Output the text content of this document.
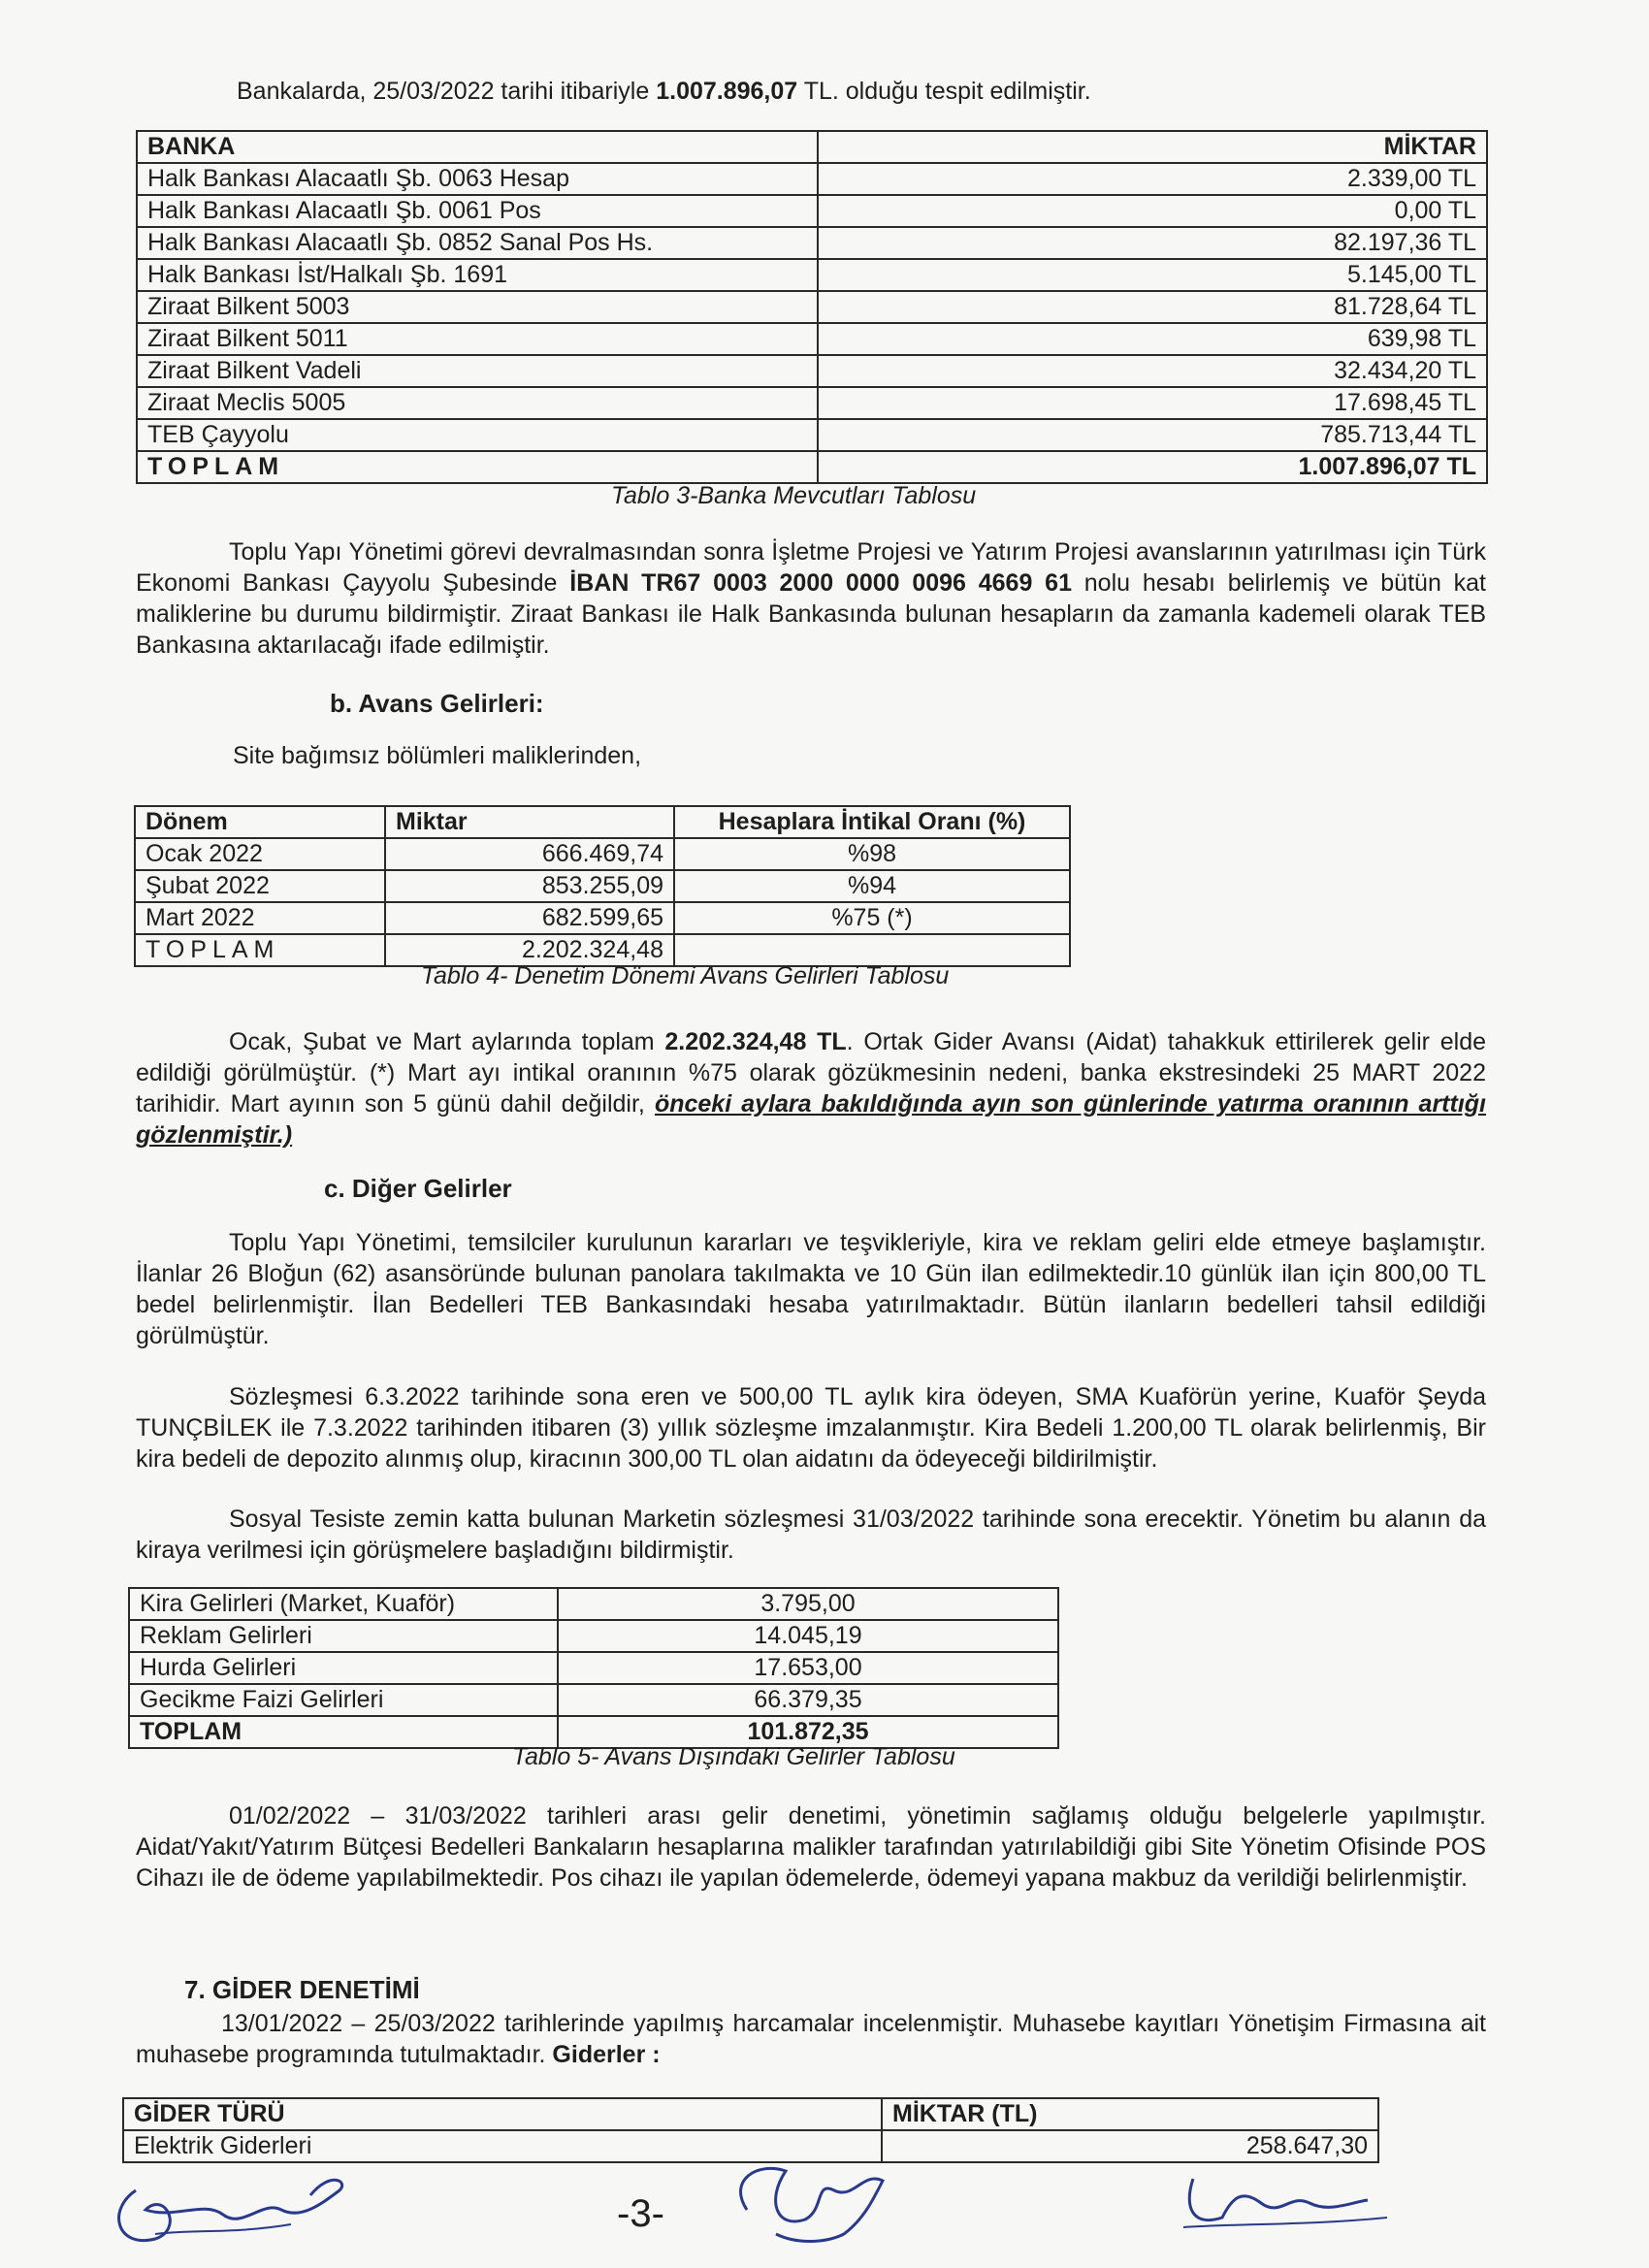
Bankalarda, 25/03/2022 tarihi itibariyle 1.007.896,07 TL. olduğu tespit edilmiştir.
BANKA	MİKTAR
Halk Bankası Alacaatlı Şb. 0063 Hesap	2.339,00 TL
Halk Bankası Alacaatlı Şb. 0061 Pos	0,00 TL
Halk Bankası Alacaatlı Şb. 0852 Sanal Pos Hs.	82.197,36 TL
Halk Bankası İst/Halkalı Şb. 1691	5.145,00 TL
Ziraat Bilkent 5003	81.728,64 TL
Ziraat Bilkent 5011	639,98 TL
Ziraat Bilkent Vadeli	32.434,20 TL
Ziraat Meclis 5005	17.698,45 TL
TEB Çayyolu	785.713,44 TL
TOPLAM	1.007.896,07 TL
Tablo 3-Banka Mevcutları Tablosu

Toplu Yapı Yönetimi görevi devralmasından sonra İşletme Projesi ve Yatırım Projesi avanslarının yatırılması için Türk Ekonomi Bankası Çayyolu Şubesinde İBAN TR67 0003 2000 0000 0096 4669 61 nolu hesabı belirlemiş ve bütün kat maliklerine bu durumu bildirmiştir. Ziraat Bankası ile Halk Bankasında bulunan hesapların da zamanla kademeli olarak TEB Bankasına aktarılacağı ifade edilmiştir.

b. Avans Gelirleri:
Site bağımsız bölümleri maliklerinden,
Dönem	Miktar	Hesaplara İntikal Oranı (%)
Ocak 2022	666.469,74	%98
Şubat 2022	853.255,09	%94
Mart 2022	682.599,65	%75 (*)
TOPLAM	2.202.324,48	
Tablo 4- Denetim Dönemi Avans Gelirleri Tablosu

Ocak, Şubat ve Mart aylarında toplam 2.202.324,48 TL. Ortak Gider Avansı (Aidat) tahakkuk ettirilerek gelir elde edildiği görülmüştür. (*) Mart ayı intikal oranının %75 olarak gözükmesinin nedeni, banka ekstresindeki 25 MART 2022 tarihidir. Mart ayının son 5 günü dahil değildir, önceki aylara bakıldığında ayın son günlerinde yatırma oranının arttığı gözlenmiştir.)

c. Diğer Gelirler

Toplu Yapı Yönetimi, temsilciler kurulunun kararları ve teşvikleriyle, kira ve reklam geliri elde etmeye başlamıştır. İlanlar 26 Bloğun (62) asansöründe bulunan panolara takılmakta ve 10 Gün ilan edilmektedir.10 günlük ilan için 800,00 TL bedel belirlenmiştir. İlan Bedelleri TEB Bankasındaki hesaba yatırılmaktadır. Bütün ilanların bedelleri tahsil edildiği görülmüştür.

Sözleşmesi 6.3.2022 tarihinde sona eren ve 500,00 TL aylık kira ödeyen, SMA Kuaförün yerine, Kuaför Şeyda TUNÇBİLEK ile 7.3.2022 tarihinden itibaren (3) yıllık sözleşme imzalanmıştır. Kira Bedeli 1.200,00 TL olarak belirlenmiş, Bir kira bedeli de depozito alınmış olup, kiracının 300,00 TL olan aidatını da ödeyeceği bildirilmiştir.

Sosyal Tesiste zemin katta bulunan Marketin sözleşmesi 31/03/2022 tarihinde sona erecektir. Yönetim bu alanın da kiraya verilmesi için görüşmelere başladığını bildirmiştir.

Kira Gelirleri (Market, Kuaför)	3.795,00
Reklam Gelirleri	14.045,19
Hurda Gelirleri	17.653,00
Gecikme Faizi Gelirleri	66.379,35
TOPLAM	101.872,35
Tablo 5- Avans Dışındaki Gelirler Tablosu

01/02/2022 – 31/03/2022 tarihleri arası gelir denetimi, yönetimin sağlamış olduğu belgelerle yapılmıştır. Aidat/Yakıt/Yatırım Bütçesi Bedelleri Bankaların hesaplarına malikler tarafından yatırılabildiği gibi Site Yönetim Ofisinde POS Cihazı ile de ödeme yapılabilmektedir. Pos cihazı ile yapılan ödemelerde, ödemeyi yapana makbuz da verildiği belirlenmiştir.

7. GİDER DENETİMİ

13/01/2022 – 25/03/2022 tarihlerinde yapılmış harcamalar incelenmiştir. Muhasebe kayıtları Yönetişim Firmasına ait muhasebe programında tutulmaktadır. Giderler :

GİDER TÜRÜ	MİKTAR (TL)
Elektrik Giderleri	258.647,30
-3-
